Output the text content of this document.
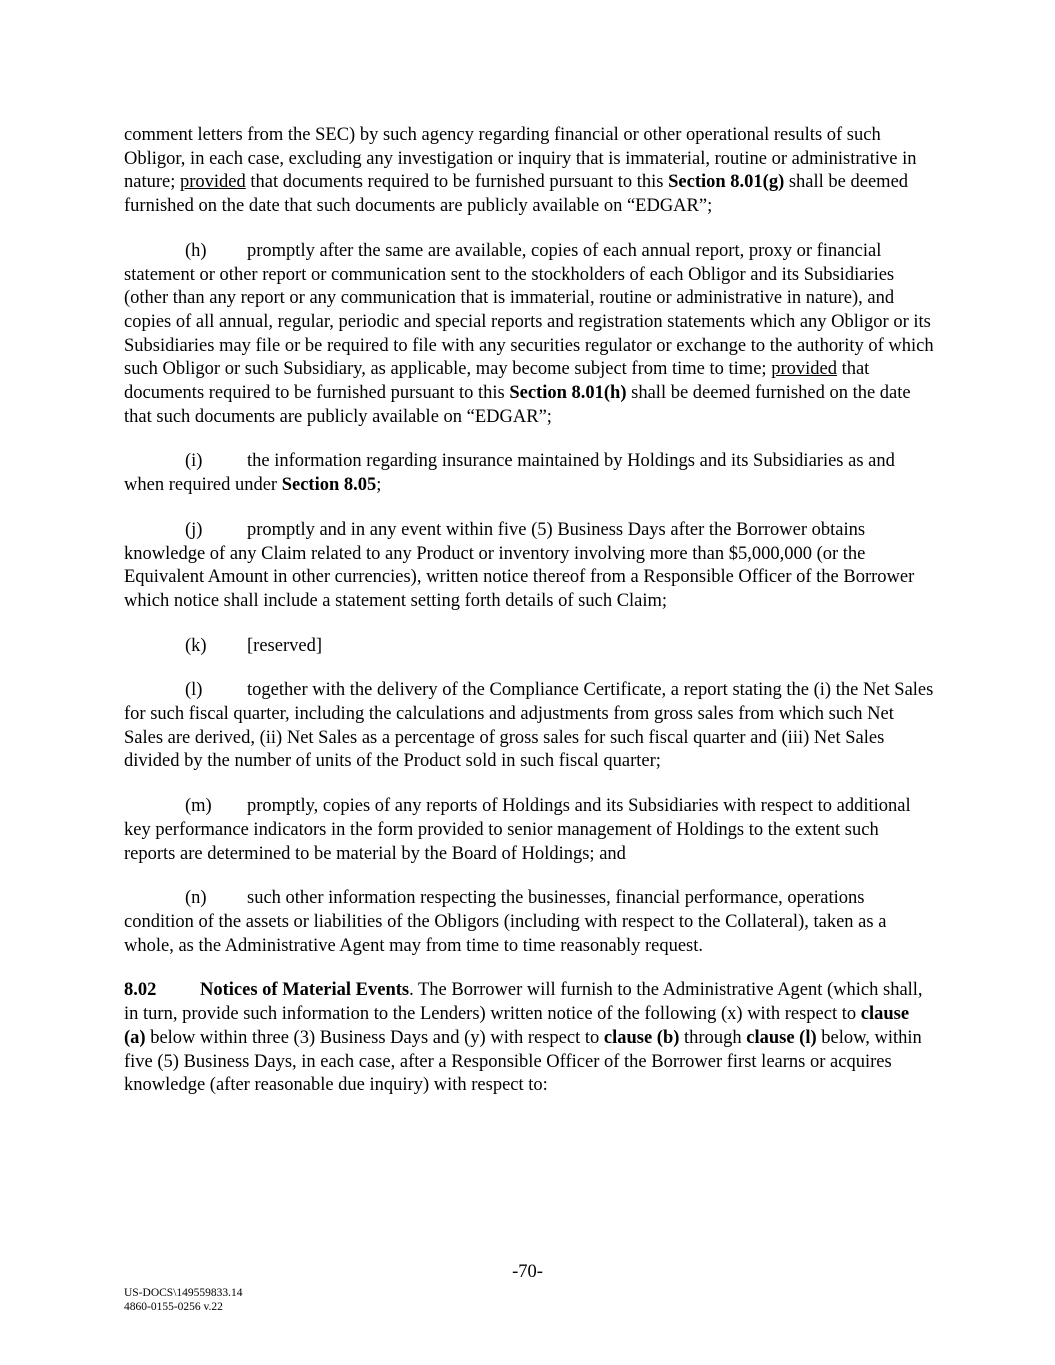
comment letters from the SEC) by such agency regarding financial or other operational results of such Obligor, in each case, excluding any investigation or inquiry that is immaterial, routine or administrative in nature; provided that documents required to be furnished pursuant to this Section 8.01(g) shall be deemed furnished on the date that such documents are publicly available on “EDGAR”;

(h) promptly after the same are available, copies of each annual report, proxy or financial statement or other report or communication sent to the stockholders of each Obligor and its Subsidiaries (other than any report or any communication that is immaterial, routine or administrative in nature), and copies of all annual, regular, periodic and special reports and registration statements which any Obligor or its Subsidiaries may file or be required to file with any securities regulator or exchange to the authority of which such Obligor or such Subsidiary, as applicable, may become subject from time to time; provided that documents required to be furnished pursuant to this Section 8.01(h) shall be deemed furnished on the date that such documents are publicly available on “EDGAR”;

(i) the information regarding insurance maintained by Holdings and its Subsidiaries as and when required under Section 8.05;

(j) promptly and in any event within five (5) Business Days after the Borrower obtains knowledge of any Claim related to any Product or inventory involving more than $5,000,000 (or the Equivalent Amount in other currencies), written notice thereof from a Responsible Officer of the Borrower which notice shall include a statement setting forth details of such Claim;

(k) [reserved]

(l) together with the delivery of the Compliance Certificate, a report stating the (i) the Net Sales for such fiscal quarter, including the calculations and adjustments from gross sales from which such Net Sales are derived, (ii) Net Sales as a percentage of gross sales for such fiscal quarter and (iii) Net Sales divided by the number of units of the Product sold in such fiscal quarter;

(m) promptly, copies of any reports of Holdings and its Subsidiaries with respect to additional key performance indicators in the form provided to senior management of Holdings to the extent such reports are determined to be material by the Board of Holdings; and

(n) such other information respecting the businesses, financial performance, operations condition of the assets or liabilities of the Obligors (including with respect to the Collateral), taken as a whole, as the Administrative Agent may from time to time reasonably request.

8.02 Notices of Material Events. The Borrower will furnish to the Administrative Agent (which shall, in turn, provide such information to the Lenders) written notice of the following (x) with respect to clause (a) below within three (3) Business Days and (y) with respect to clause (b) through clause (l) below, within five (5) Business Days, in each case, after a Responsible Officer of the Borrower first learns or acquires knowledge (after reasonable due inquiry) with respect to:

-70-
US-DOCS\149559833.14
4860-0155-0256 v.22
